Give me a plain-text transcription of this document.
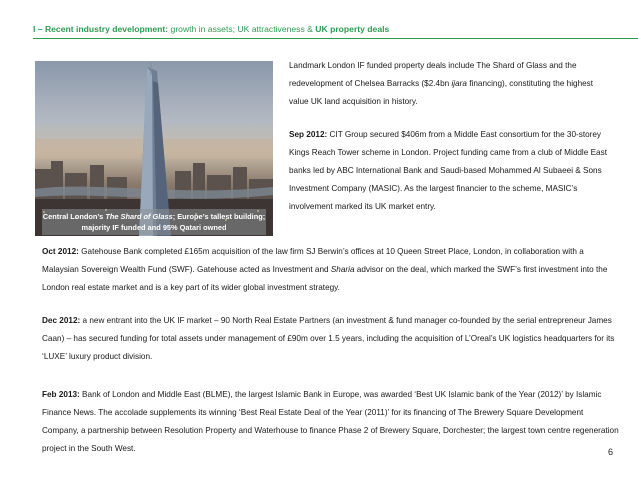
I – Recent industry development: growth in assets; UK attractiveness & UK property deals
Central London’s The Shard of Glass; Europe’s tallest building; majority IF funded and 95% Qatari owned

Landmark London IF funded property deals include The Shard of Glass and the redevelopment of Chelsea Barracks ($2.4bn ijara financing), constituting the highest value UK land acquisition in history.

Sep 2012: CIT Group secured $406m from a Middle East consortium for the 30-storey Kings Reach Tower scheme in London. Project funding came from a club of Middle East banks led by ABC International Bank and Saudi-based Mohammed Al Subaeei & Sons Investment Company (MASIC). As the largest financier to the scheme, MASIC’s involvement marked its UK market entry.

Oct 2012: Gatehouse Bank completed £165m acquisition of the law firm SJ Berwin’s offices at 10 Queen Street Place, London, in collaboration with a Malaysian Sovereign Wealth Fund (SWF). Gatehouse acted as Investment and Sharia advisor on the deal, which marked the SWF’s first investment into the London real estate market and is a key part of its wider global investment strategy.

Dec 2012: a new entrant into the UK IF market – 90 North Real Estate Partners (an investment & fund manager co-founded by the serial entrepreneur James Caan) – has secured funding for total assets under management of £90m over 1.5 years, including the acquisition of L’Oreal’s UK logistics headquarters for its ‘LUXE’ luxury product division.

Feb 2013: Bank of London and Middle East (BLME), the largest Islamic Bank in Europe, was awarded ‘Best UK Islamic bank of the Year (2012)’ by Islamic Finance News. The accolade supplements its winning ‘Best Real Estate Deal of the Year (2011)’ for its financing of The Brewery Square Development Company, a partnership between Resolution Property and Waterhouse to finance Phase 2 of Brewery Square, Dorchester; the largest town centre regeneration project in the South West.	6
